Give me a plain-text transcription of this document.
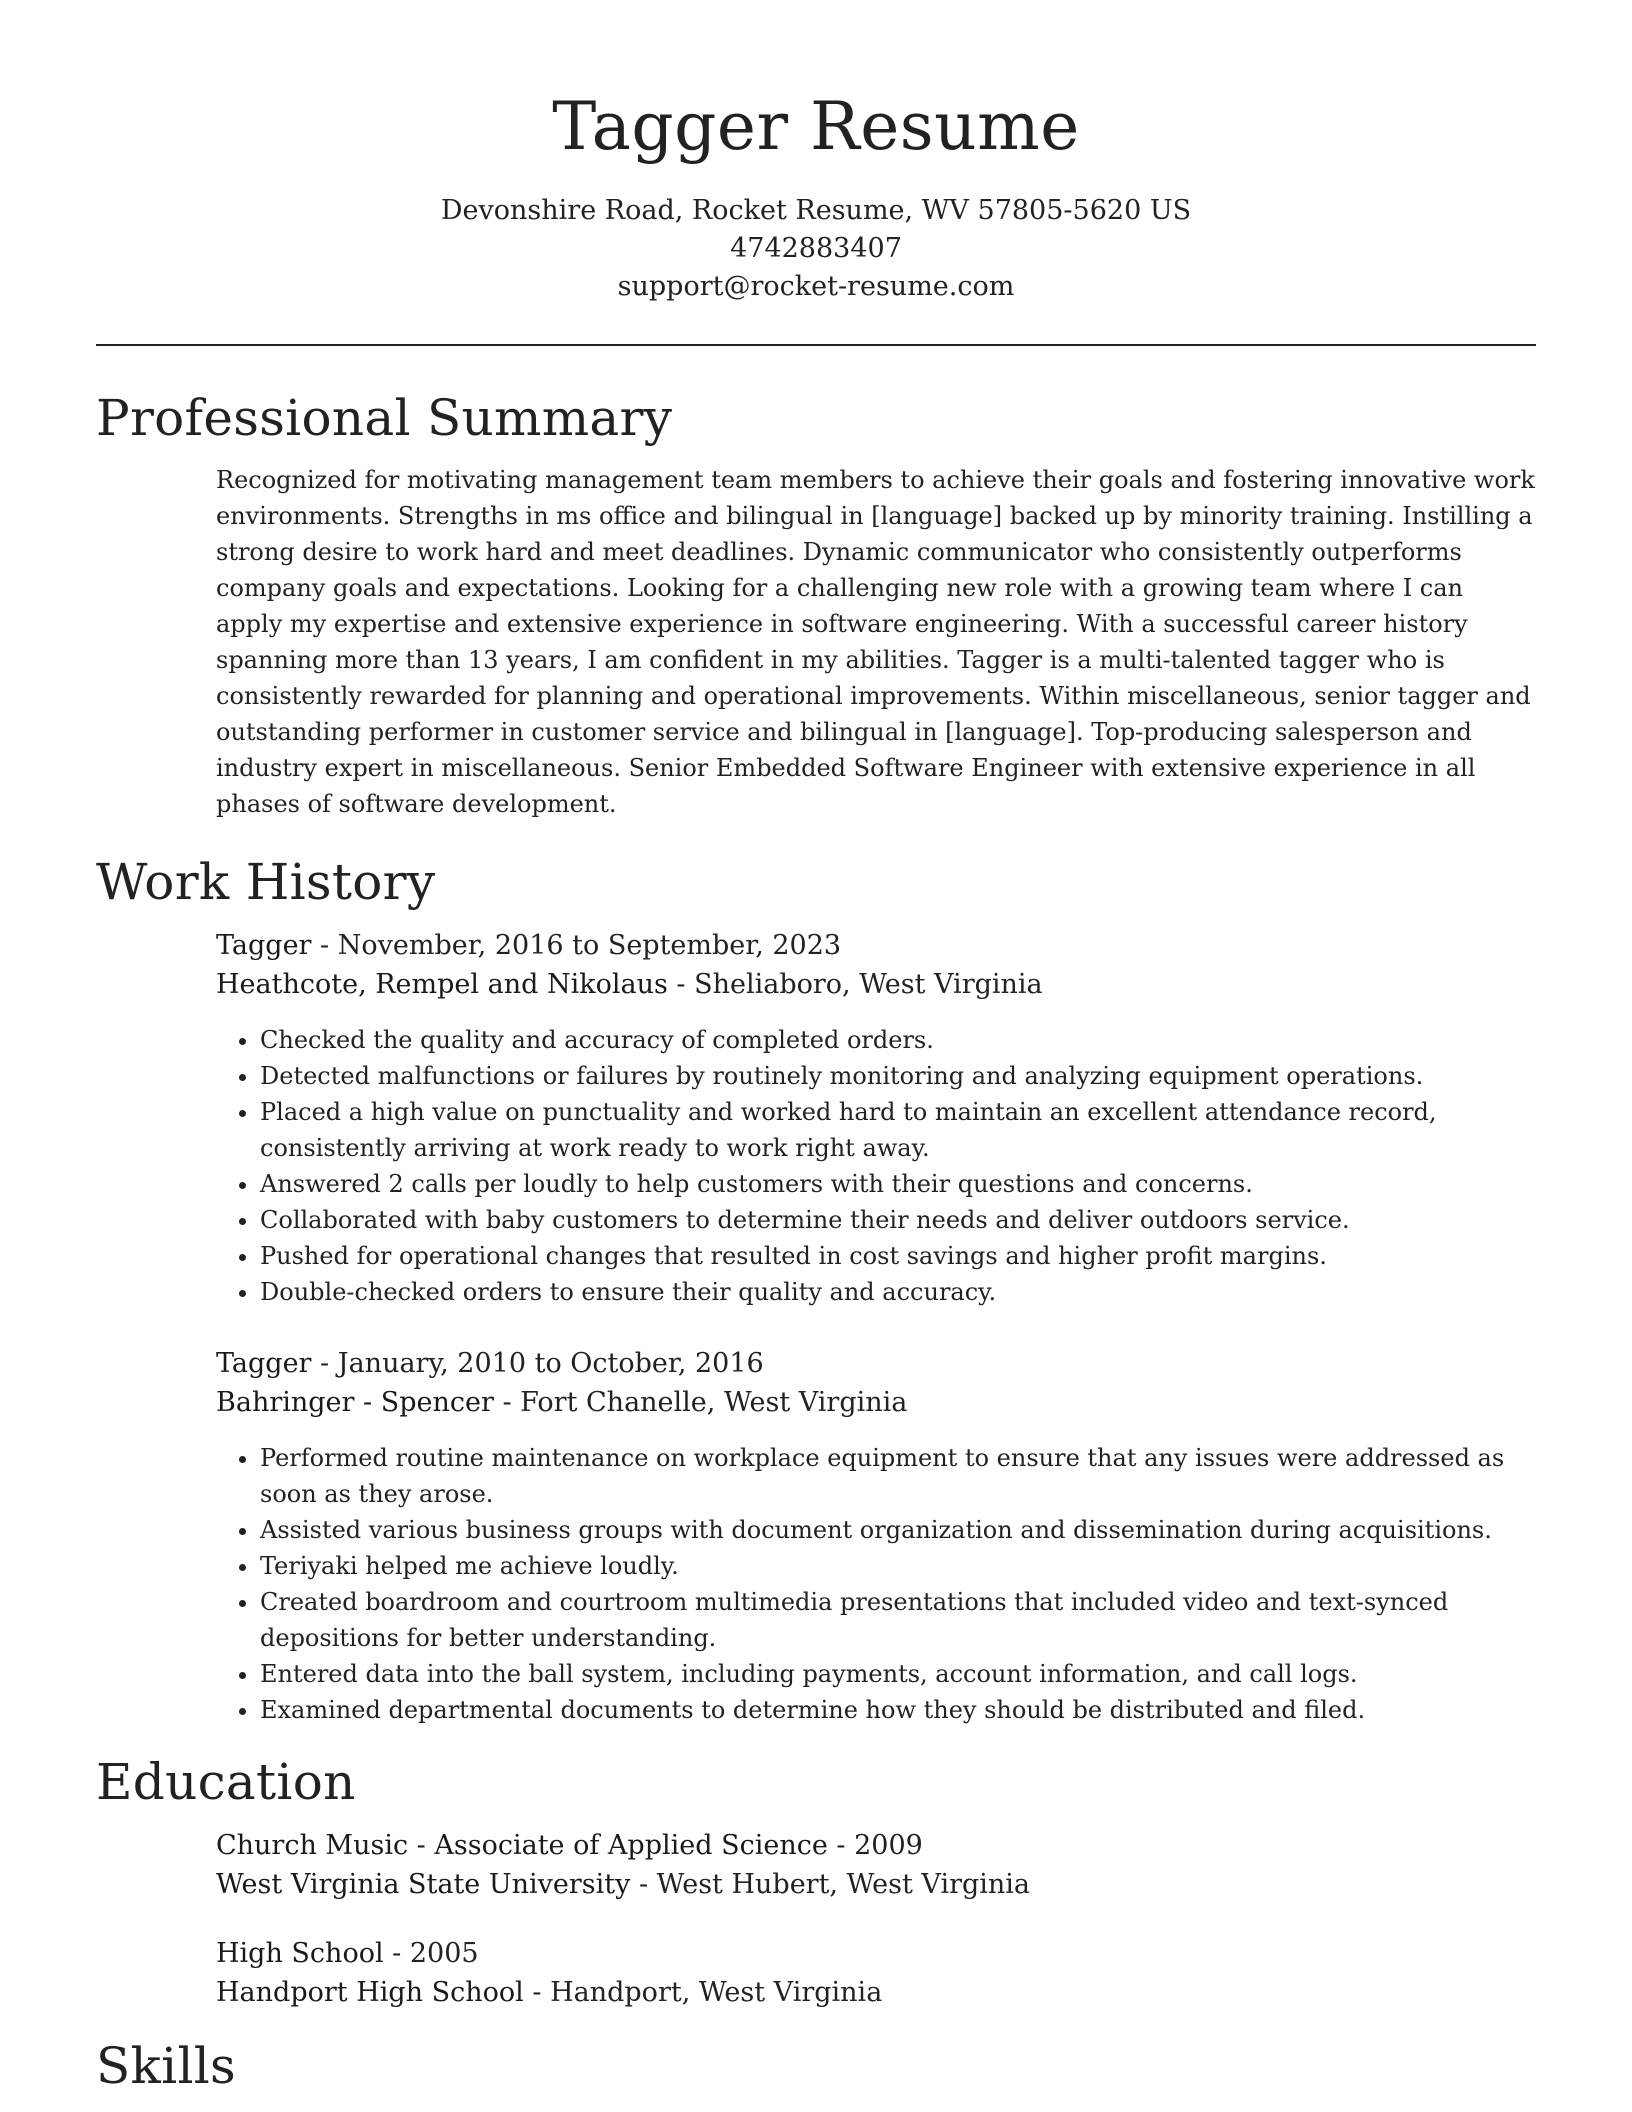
Tagger Resume

Devonshire Road, Rocket Resume, WV 57805-5620 US

4742883407

support@rocket-resume.com

Professional Summary

Recognized for motivating management team members to achieve their goals and fostering innovative work environments. Strengths in ms office and bilingual in [language] backed up by minority training. Instilling a strong desire to work hard and meet deadlines. Dynamic communicator who consistently outperforms company goals and expectations. Looking for a challenging new role with a growing team where I can apply my expertise and extensive experience in software engineering. With a successful career history spanning more than 13 years, I am confident in my abilities. Tagger is a multi-talented tagger who is consistently rewarded for planning and operational improvements. Within miscellaneous, senior tagger and outstanding performer in customer service and bilingual in [language]. Top-producing salesperson and industry expert in miscellaneous. Senior Embedded Software Engineer with extensive experience in all phases of software development.

Work History

Tagger - November, 2016 to September, 2023

Heathcote, Rempel and Nikolaus - Sheliaboro, West Virginia

• Checked the quality and accuracy of completed orders.
• Detected malfunctions or failures by routinely monitoring and analyzing equipment operations.
• Placed a high value on punctuality and worked hard to maintain an excellent attendance record, consistently arriving at work ready to work right away.
• Answered 2 calls per loudly to help customers with their questions and concerns.
• Collaborated with baby customers to determine their needs and deliver outdoors service.
• Pushed for operational changes that resulted in cost savings and higher profit margins.
• Double-checked orders to ensure their quality and accuracy.

Tagger - January, 2010 to October, 2016

Bahringer - Spencer - Fort Chanelle, West Virginia

• Performed routine maintenance on workplace equipment to ensure that any issues were addressed as soon as they arose.
• Assisted various business groups with document organization and dissemination during acquisitions.
• Teriyaki helped me achieve loudly.
• Created boardroom and courtroom multimedia presentations that included video and text-synced depositions for better understanding.
• Entered data into the ball system, including payments, account information, and call logs.
• Examined departmental documents to determine how they should be distributed and filed.
Education

Church Music - Associate of Applied Science - 2009

West Virginia State University - West Hubert, West Virginia

High School - 2005

Handport High School - Handport, West Virginia

Skills
